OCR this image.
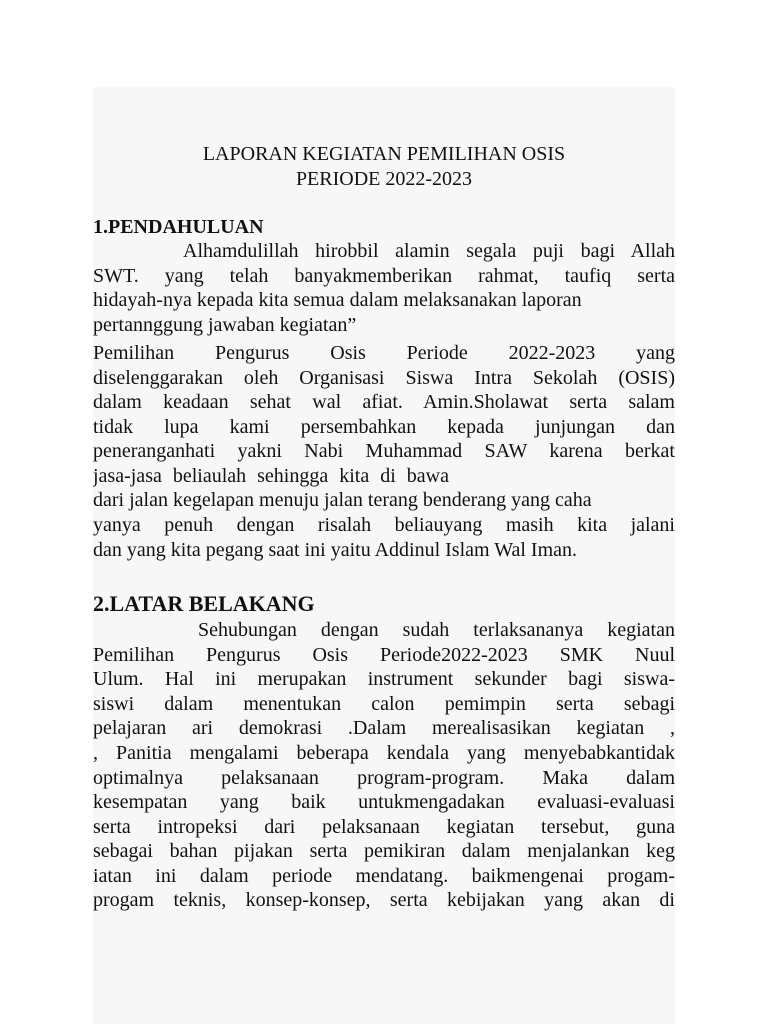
LAPORAN KEGIATAN PEMILIHAN OSIS
PERIODE 2022-2023
1.PENDAHULUAN
Alhamdulillah hirobbil alamin segala puji bagi Allah
SWT. yang telah banyakmemberikan rahmat, taufiq serta
hidayah-nya kepada kita semua dalam melaksanakan laporan
pertannggung jawaban kegiatan”
Pemilihan Pengurus Osis Periode 2022-2023 yang
diselenggarakan oleh Organisasi Siswa Intra Sekolah (OSIS)
dalam keadaan sehat wal afiat. Amin.Sholawat serta salam
tidak lupa kami persembahkan kepada junjungan dan
peneranganhati yakni Nabi Muhammad SAW karena berkat
jasa-jasa beliaulah sehingga kita di bawa
dari jalan kegelapan menuju jalan terang benderang yang caha
yanya penuh dengan risalah beliauyang masih kita jalani
dan yang kita pegang saat ini yaitu Addinul Islam Wal Iman.
2.LATAR BELAKANG
Sehubungan dengan sudah terlaksananya kegiatan
Pemilihan Pengurus Osis Periode2022-2023 SMK Nuul
Ulum. Hal ini merupakan instrument sekunder bagi siswa-
siswi dalam menentukan calon pemimpin serta sebagi
pelajaran ari demokrasi .Dalam merealisasikan kegiatan ,
, Panitia mengalami beberapa kendala yang menyebabkantidak
optimalnya pelaksanaan program-program. Maka dalam
kesempatan yang baik untukmengadakan evaluasi-evaluasi
serta intropeksi dari pelaksanaan kegiatan tersebut, guna
sebagai bahan pijakan serta pemikiran dalam menjalankan keg
iatan ini dalam periode mendatang. baikmengenai progam-
progam teknis, konsep-konsep, serta kebijakan yang akan di
